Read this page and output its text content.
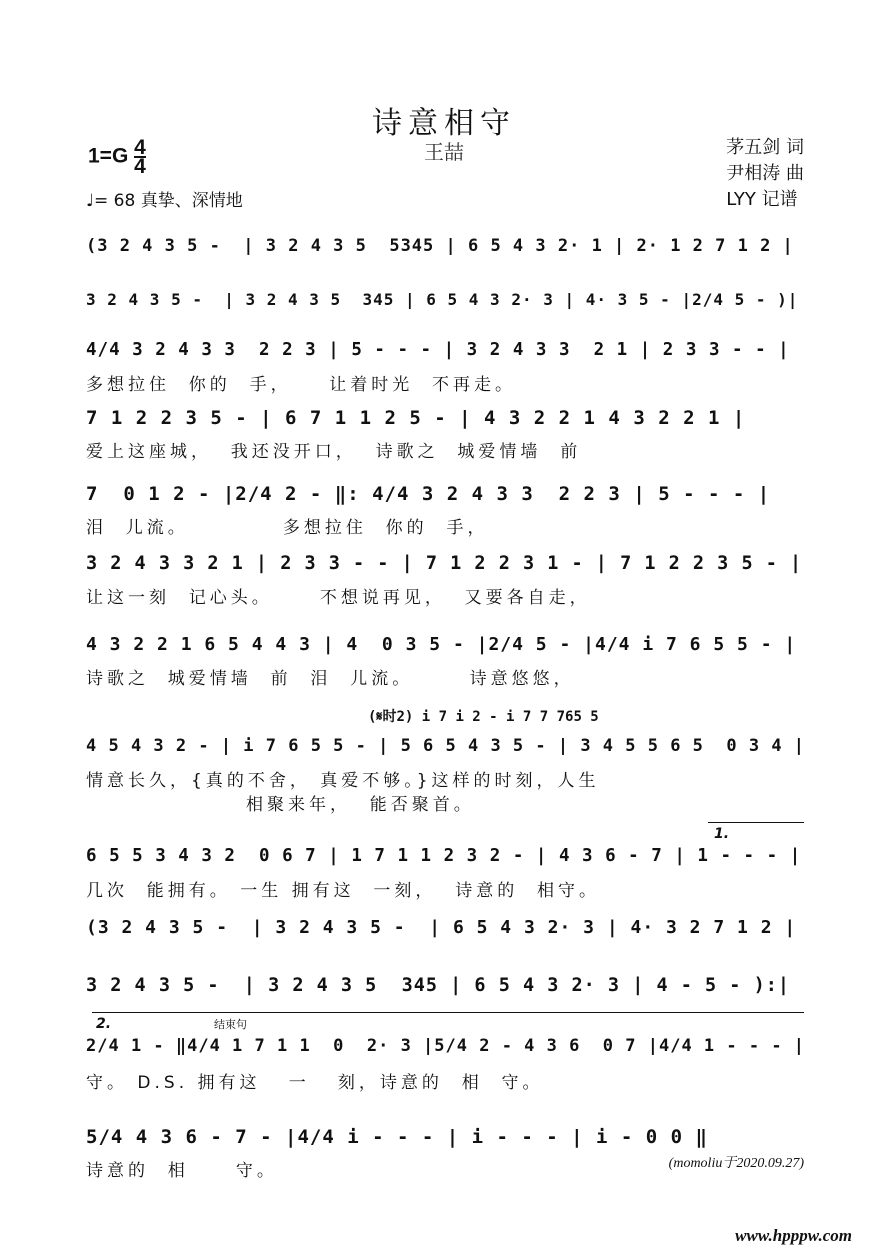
诗意相守
王喆
$1=G \frac{4}{4}$
♩= 68 真挚、深情地
茅五剑 词
尹相涛 曲
LYY 记谱
(3 2 4 3 5 -  | 3 2 4 3 5  5345 | 6 5 4 3 2· 1 | 2· 1 2 7 1 2 |
3 2 4 3 5 -  | 3 2 4 3 5  345 | 6 5 4 3 2· 3 | 4· 3 5 - |2/4 5 - )|
4/4 3 2 4 3 3  2 2 3 | 5 - - - | 3 2 4 3 3  2 1 | 2 3 3 - - |
多想拉住  你的  手，    让着时光  不再走。
7 1 2 2 3 5 - | 6 7 1 1 2 5 - | 4 3 2 2 1 4 3 2 2 1 |
爱上这座城，  我还没开口，  诗歌之  城爱情墙  前
7  0 1 2 - |2/4 2 - ‖: 4/4 3 2 4 3 3  2 2 3 | 5 - - - |
泪  儿流。          多想拉住  你的  手，
3 2 4 3 3 2 1 | 2 3 3 - - | 7 1 2 2 3 1 - | 7 1 2 2 3 5 - |
让这一刻  记心头。     不想说再见，  又要各自走，
4 3 2 2 1 6 5 4 4 3 | 4  0 3 5 - |2/4 5 - |4/4 i 7 6 5 5 - |
诗歌之  城爱情墙  前  泪  儿流。      诗意悠悠，
(𝄋时2) i 7 i 2 - i 7 7 765 5
4 5 4 3 2 - | i 7 6 5 5 - | 5 6 5 4 3 5 - | 3 4 5 5 6 5  0 3 4 |
情意长久，{真的不舍， 真爱不够。}这样的时刻，人生
相聚来年，  能否聚首。
1.
6 5 5 3 4 3 2  0 6 7 | 1 7 1 1 2 3 2 - | 4 3 6 - 7 | 1 - - - |
几次  能拥有。 一生 拥有这  一刻，  诗意的  相守。
(3 2 4 3 5 -  | 3 2 4 3 5 -  | 6 5 4 3 2· 3 | 4· 3 2 7 1 2 |
3 2 4 3 5 -  | 3 2 4 3 5  345 | 6 5 4 3 2· 3 | 4 - 5 - ):|
2.	结束句
2/4 1 - ‖4/4 1 7 1 1  0  2· 3 |5/4 2 - 4 3 6  0 7 |4/4 1 - - - |
守。 D.S. 拥有这   一   刻，诗意的  相  守。
5/4 4 3 6 - 7 - |4/4 i - - - | i - - - | i - 0 0 ‖
诗意的  相     守。	(momoliu于2020.09.27)
www.hpppw.com
